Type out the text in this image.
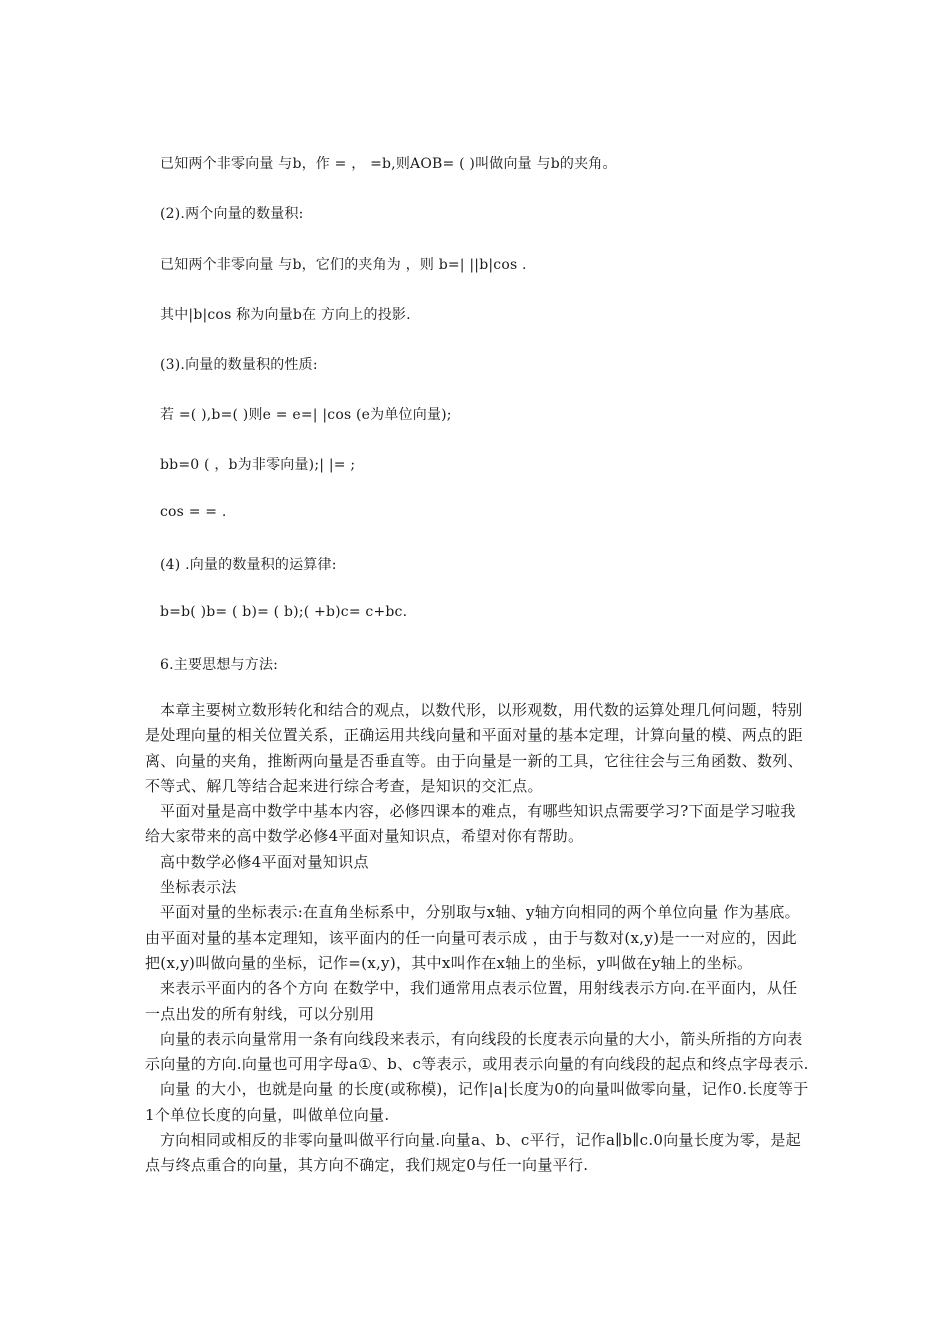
已知两个非零向量 与b，作 = ， =b,则AOB= ( )叫做向量 与b的夹角。
(2).两个向量的数量积:
已知两个非零向量 与b，它们的夹角为 ，则 b=| ||b|cos .
其中|b|cos 称为向量b在 方向上的投影.
(3).向量的数量积的性质:
若 =( ),b=( )则e = e=| |cos (e为单位向量);
bb=0 ( ，b为非零向量);| |= ;
cos = = .
(4) .向量的数量积的运算律:
b=b( )b= ( b)= ( b);( +b)c= c+bc.
6.主要思想与方法:

本章主要树立数形转化和结合的观点，以数代形，以形观数，用代数的运算处理几何问题，特别是处理向量的相关位置关系，正确运用共线向量和平面对量的基本定理，计算向量的模、两点的距离、向量的夹角，推断两向量是否垂直等。由于向量是一新的工具，它往往会与三角函数、数列、不等式、解几等结合起来进行综合考查，是知识的交汇点。

平面对量是高中数学中基本内容，必修四课本的难点，有哪些知识点需要学习?下面是学习啦我给大家带来的高中数学必修4平面对量知识点，希望对你有帮助。

高中数学必修4平面对量知识点

坐标表示法

平面对量的坐标表示:在直角坐标系中，分别取与x轴、y轴方向相同的两个单位向量 作为基底。由平面对量的基本定理知，该平面内的任一向量可表示成 ，由于与数对(x,y)是一一对应的，因此把(x,y)叫做向量的坐标，记作=(x,y)，其中x叫作在x轴上的坐标，y叫做在y轴上的坐标。

来表示平面内的各个方向 在数学中，我们通常用点表示位置，用射线表示方向.在平面内，从任一点出发的所有射线，可以分别用

向量的表示向量常用一条有向线段来表示，有向线段的长度表示向量的大小，箭头所指的方向表示向量的方向.向量也可用字母a①、b、c等表示，或用表示向量的有向线段的起点和终点字母表示.

向量 的大小，也就是向量 的长度(或称模)，记作|a|长度为0的向量叫做零向量，记作0.长度等于1个单位长度的向量，叫做单位向量.

方向相同或相反的非零向量叫做平行向量.向量a、b、c平行，记作a∥b∥c.0向量长度为零，是起点与终点重合的向量，其方向不确定，我们规定0与任一向量平行.
